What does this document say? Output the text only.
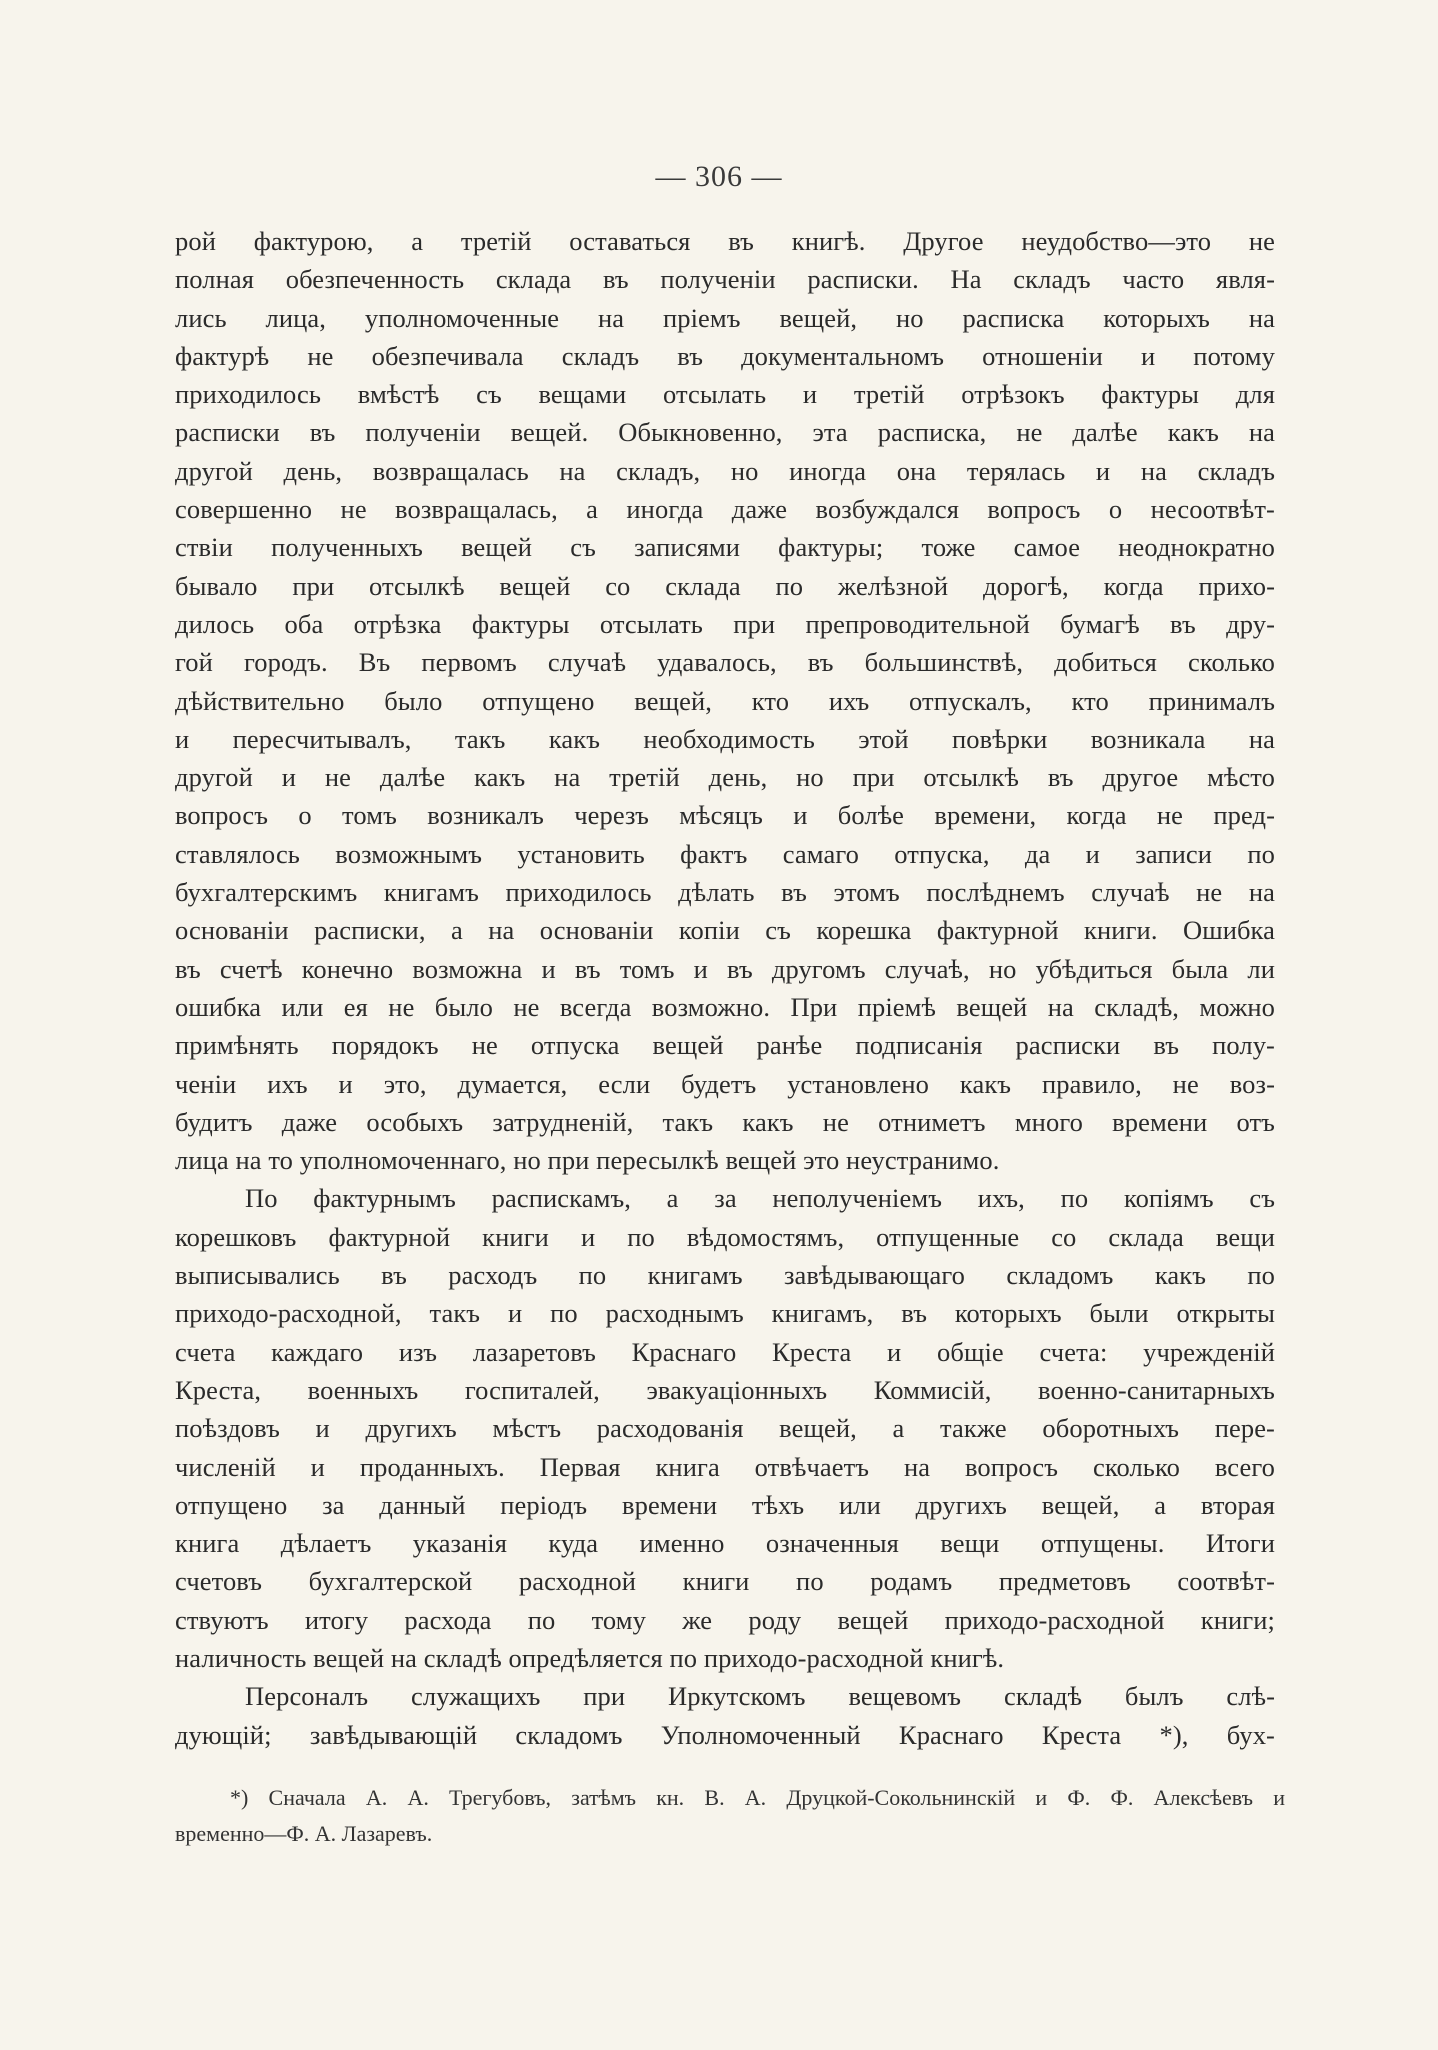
— 306 —
рой фактурою, а третій оставаться въ книгѣ. Другое неудобство—это не
полная обезпеченность склада въ полученіи расписки. На складъ часто явля-
лись лица, уполномоченные на пріемъ вещей, но расписка которыхъ на
фактурѣ не обезпечивала складъ въ документальномъ отношеніи и потому
приходилось вмѣстѣ съ вещами отсылать и третій отрѣзокъ фактуры для
расписки въ полученіи вещей. Обыкновенно, эта расписка, не далѣе какъ на
другой день, возвращалась на складъ, но иногда она терялась и на складъ
совершенно не возвращалась, а иногда даже возбуждался вопросъ о несоотвѣт-
ствіи полученныхъ вещей съ записями фактуры; тоже самое неоднократно
бывало при отсылкѣ вещей со склада по желѣзной дорогѣ, когда прихо-
дилось оба отрѣзка фактуры отсылать при препроводительной бумагѣ въ дру-
гой городъ. Въ первомъ случаѣ удавалось, въ большинствѣ, добиться сколько
дѣйствительно было отпущено вещей, кто ихъ отпускалъ, кто принималъ
и пересчитывалъ, такъ какъ необходимость этой повѣрки возникала на
другой и не далѣе какъ на третій день, но при отсылкѣ въ другое мѣсто
вопросъ о томъ возникалъ черезъ мѣсяцъ и болѣе времени, когда не пред-
ставлялось возможнымъ установить фактъ самаго отпуска, да и записи по
бухгалтерскимъ книгамъ приходилось дѣлать въ этомъ послѣднемъ случаѣ не на
основаніи расписки, а на основаніи копіи съ корешка фактурной книги. Ошибка
въ счетѣ конечно возможна и въ томъ и въ другомъ случаѣ, но убѣдиться была ли
ошибка или ея не было не всегда возможно. При пріемѣ вещей на складѣ, можно
примѣнять порядокъ не отпуска вещей ранѣе подписанія расписки въ полу-
ченіи ихъ и это, думается, если будетъ установлено какъ правило, не воз-
будитъ даже особыхъ затрудненій, такъ какъ не отниметъ много времени отъ
лица на то уполномоченнаго, но при пересылкѣ вещей это неустранимо.
По фактурнымъ распискамъ, а за неполученіемъ ихъ, по копіямъ съ
корешковъ фактурной книги и по вѣдомостямъ, отпущенные со склада вещи
выписывались въ расходъ по книгамъ завѣдывающаго складомъ какъ по
приходо-расходной, такъ и по расходнымъ книгамъ, въ которыхъ были открыты
счета каждаго изъ лазаретовъ Краснаго Креста и общіе счета: учрежденій
Креста, военныхъ госпиталей, эвакуаціонныхъ Коммисій, военно-санитарныхъ
поѣздовъ и другихъ мѣстъ расходованія вещей, а также оборотныхъ пере-
численій и проданныхъ. Первая книга отвѣчаетъ на вопросъ сколько всего
отпущено за данный періодъ времени тѣхъ или другихъ вещей, а вторая
книга дѣлаетъ указанія куда именно означенныя вещи отпущены. Итоги
счетовъ бухгалтерской расходной книги по родамъ предметовъ соотвѣт-
ствуютъ итогу расхода по тому же роду вещей приходо-расходной книги;
наличность вещей на складѣ опредѣляется по приходо-расходной книгѣ.
Персоналъ служащихъ при Иркутскомъ вещевомъ складѣ былъ слѣ-
дующій; завѣдывающій складомъ Уполномоченный Краснаго Креста *), бух-
*) Сначала А. А. Трегубовъ, затѣмъ кн. В. А. Друцкой-Сокольнинскій и Ф. Ф. Алексѣевъ и
временно—Ф. А. Лазаревъ.
